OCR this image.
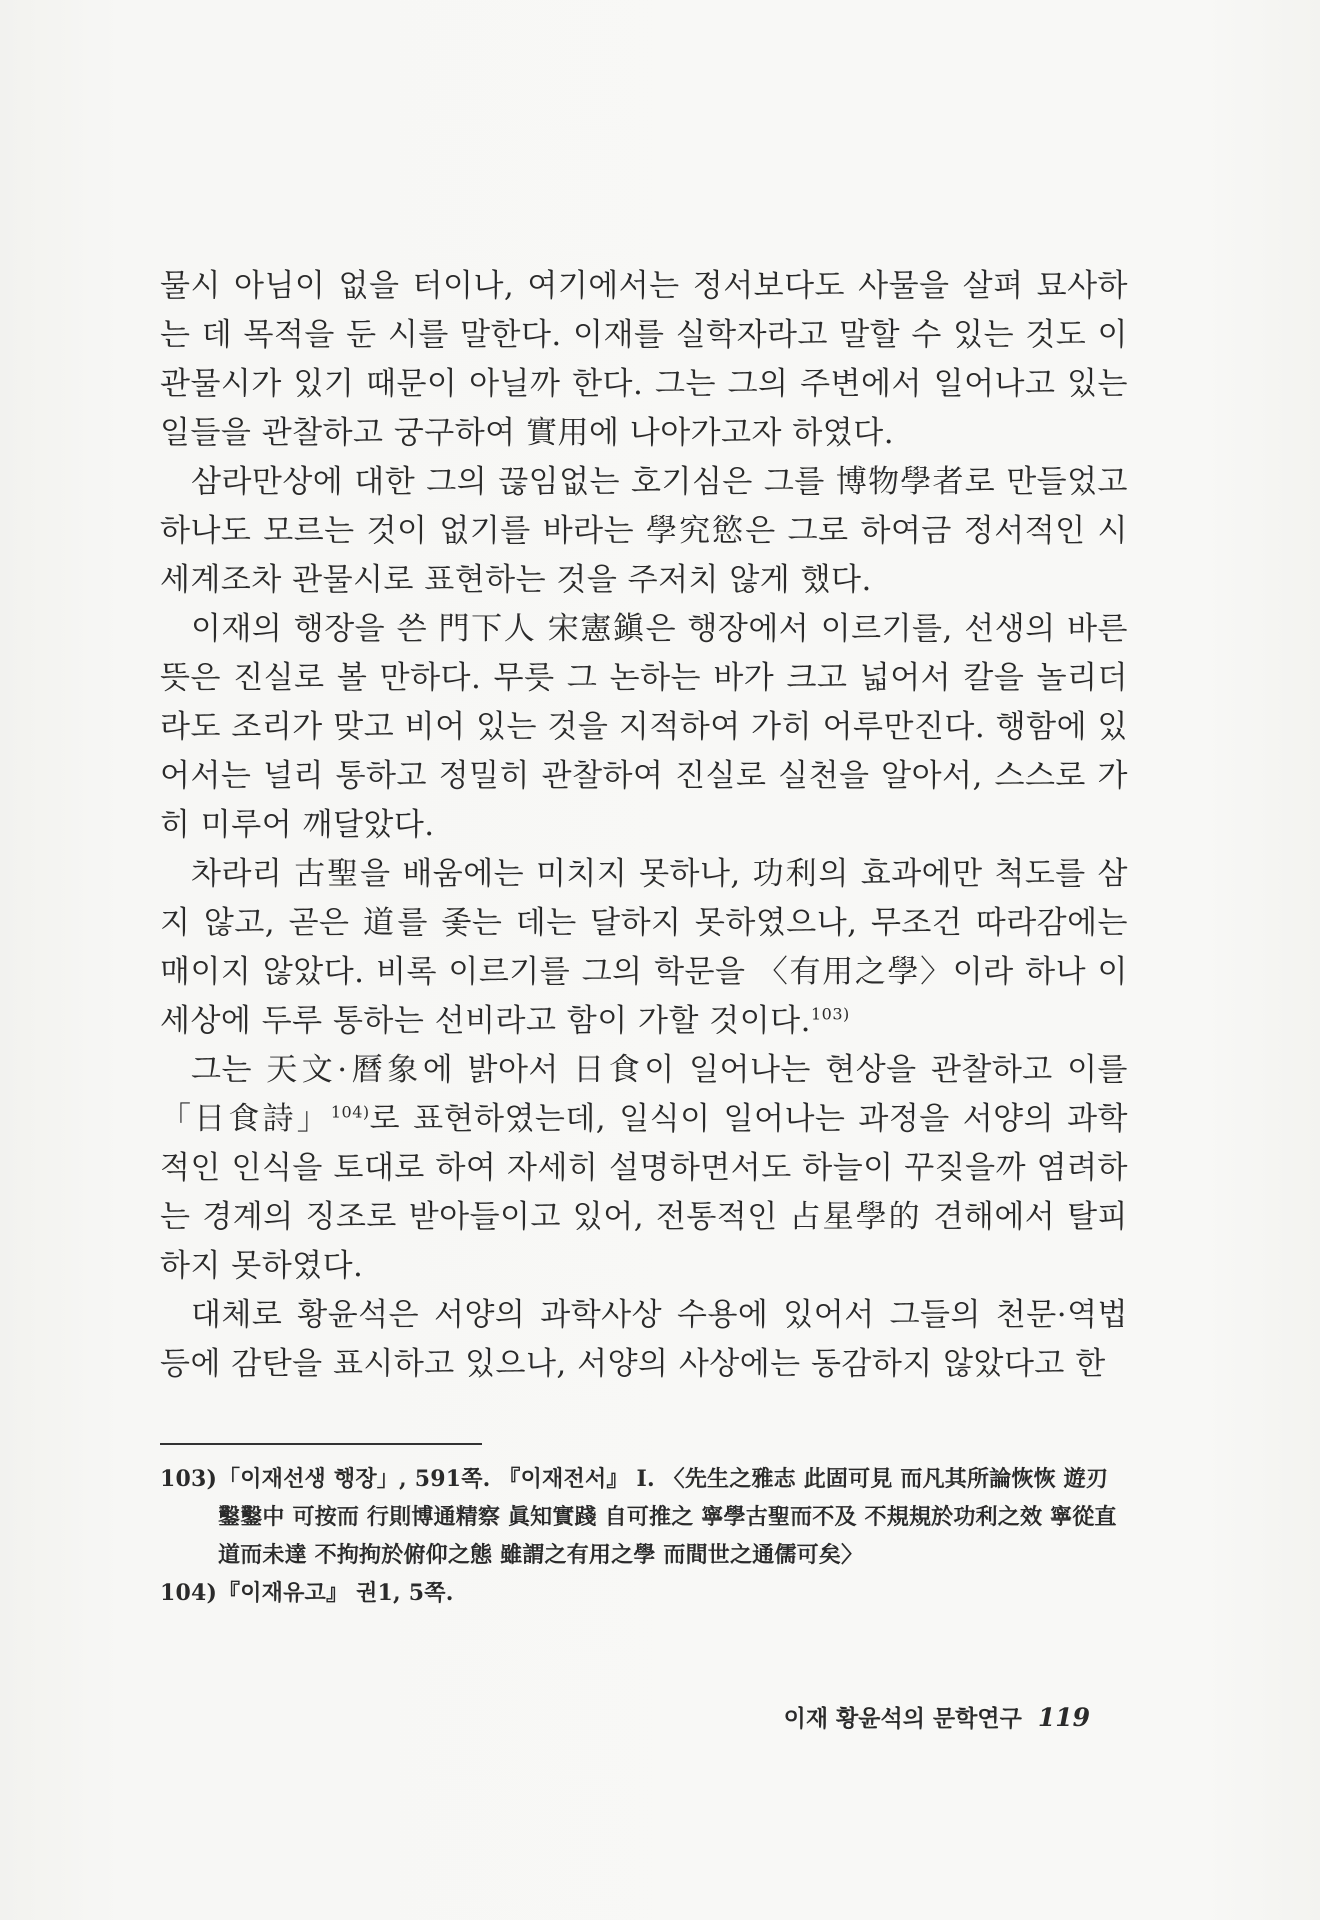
물시 아님이 없을 터이나, 여기에서는 정서보다도 사물을 살펴 묘사하는 데 목적을 둔 시를 말한다. 이재를 실학자라고 말할 수 있는 것도 이 관물시가 있기 때문이 아닐까 한다. 그는 그의 주변에서 일어나고 있는 일들을 관찰하고 궁구하여 實用에 나아가고자 하였다.

삼라만상에 대한 그의 끊임없는 호기심은 그를 博物學者로 만들었고 하나도 모르는 것이 없기를 바라는 學究慾은 그로 하여금 정서적인 시세계조차 관물시로 표현하는 것을 주저치 않게 했다.

이재의 행장을 쓴 門下人 宋憲鎭은 행장에서 이르기를, 선생의 바른 뜻은 진실로 볼 만하다. 무릇 그 논하는 바가 크고 넓어서 칼을 놀리더라도 조리가 맞고 비어 있는 것을 지적하여 가히 어루만진다. 행함에 있어서는 널리 통하고 정밀히 관찰하여 진실로 실천을 알아서, 스스로 가히 미루어 깨달았다.

차라리 古聖을 배움에는 미치지 못하나, 功利의 효과에만 척도를 삼지 않고, 곧은 道를 좇는 데는 달하지 못하였으나, 무조건 따라감에는 매이지 않았다. 비록 이르기를 그의 학문을 〈有用之學〉이라 하나 이 세상에 두루 통하는 선비라고 함이 가할 것이다.$^{103)}$

그는 天文·曆象에 밝아서 日食이 일어나는 현상을 관찰하고 이를 「日食詩」$^{104)}$로 표현하였는데, 일식이 일어나는 과정을 서양의 과학적인 인식을 토대로 하여 자세히 설명하면서도 하늘이 꾸짖을까 염려하는 경계의 징조로 받아들이고 있어, 전통적인 占星學的 견해에서 탈피하지 못하였다.

대체로 황윤석은 서양의 과학사상 수용에 있어서 그들의 천문·역법 등에 감탄을 표시하고 있으나, 서양의 사상에는 동감하지 않았다고 한

103) 「이재선생 행장」, 591쪽. 『이재전서』 I. 〈先生之雅志 此固可見 而凡其所論恢恢 遊刃鑿鑿中 可按而 行則博通精察 眞知實踐 自可推之 寧學古聖而不及 不規規於功利之效 寧從直道而未達 不拘拘於俯仰之態 雖謂之有用之學 而間世之通儒可矣〉

104) 『이재유고』 권1, 5쪽.

이재 황윤석의 문학연구 119
